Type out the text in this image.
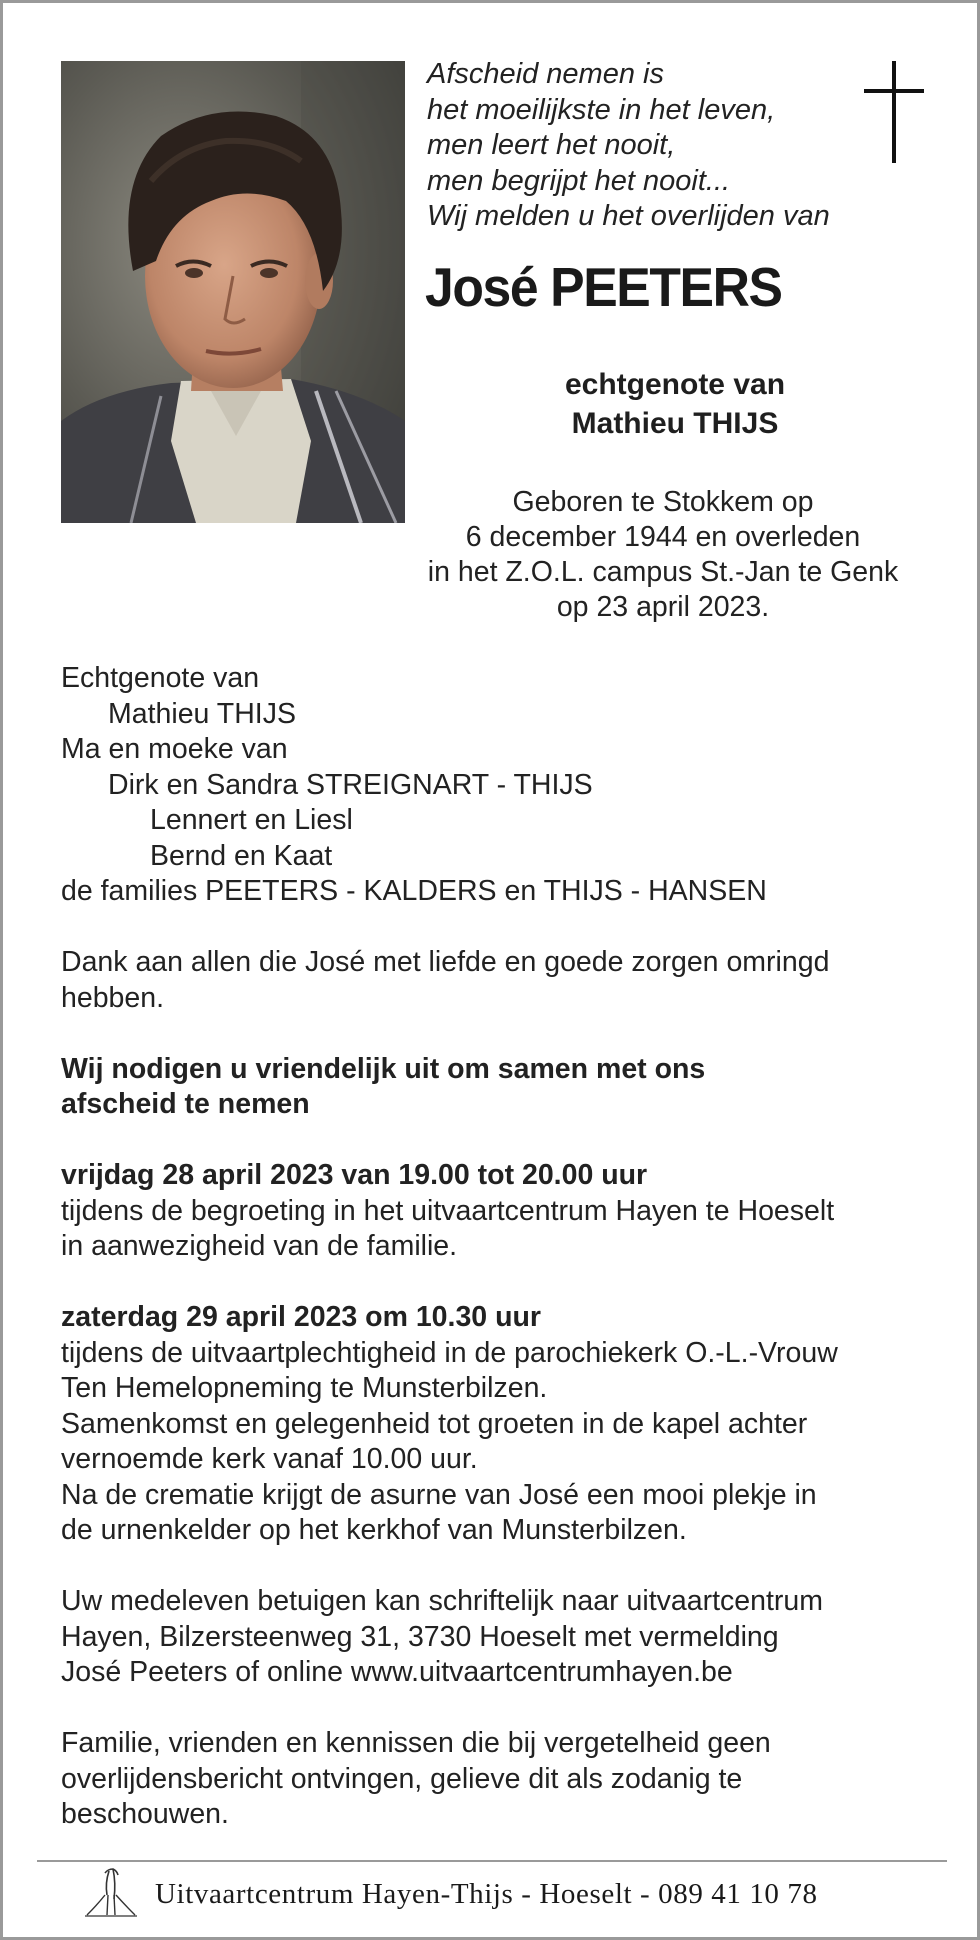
Afscheid nemen is
het moeilijkste in het leven,
men leert het nooit,
men begrijpt het nooit...
Wij melden u het overlijden van
José PEETERS
echtgenote van
Mathieu THIJS
Geboren te Stokkem op
6 december 1944 en overleden
in het Z.O.L. campus St.-Jan te Genk
op 23 april 2023.
Echtgenote van
Mathieu THIJS
Ma en moeke van
Dirk en Sandra STREIGNART - THIJS
Lennert en Liesl
Bernd en Kaat
de families PEETERS - KALDERS en THIJS - HANSEN
Dank aan allen die José met liefde en goede zorgen omringd
hebben.
Wij nodigen u vriendelijk uit om samen met ons
afscheid te nemen
vrijdag 28 april 2023 van 19.00 tot 20.00 uur
tijdens de begroeting in het uitvaartcentrum Hayen te Hoeselt
in aanwezigheid van de familie.
zaterdag 29 april 2023 om 10.30 uur
tijdens de uitvaartplechtigheid in de parochiekerk O.-L.-Vrouw
Ten Hemelopneming te Munsterbilzen.
Samenkomst en gelegenheid tot groeten in de kapel achter
vernoemde kerk vanaf 10.00 uur.
Na de crematie krijgt de asurne van José een mooi plekje in
de urnenkelder op het kerkhof van Munsterbilzen.
Uw medeleven betuigen kan schriftelijk naar uitvaartcentrum
Hayen, Bilzersteenweg 31, 3730 Hoeselt met vermelding
José Peeters of online www.uitvaartcentrumhayen.be
Familie, vrienden en kennissen die bij vergetelheid geen
overlijdensbericht ontvingen, gelieve dit als zodanig te
beschouwen.
Uitvaartcentrum Hayen-Thijs - Hoeselt - 089 41 10 78
